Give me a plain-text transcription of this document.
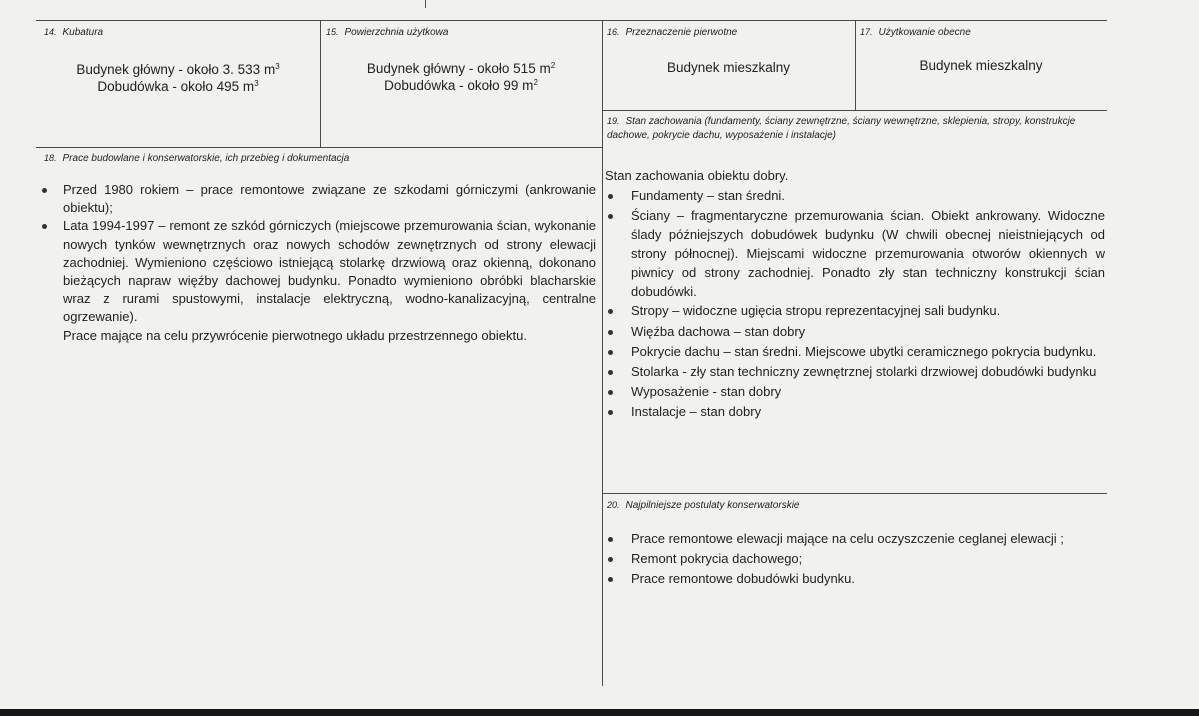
14. Kubatura
Budynek główny - około 3. 533 $m^3$
Dobudówka - około 495 $m^3$
15. Powierzchnia użytkowa
Budynek główny - około 515 $m^2$
Dobudówka - około 99 $m^2$
16. Przeznaczenie pierwotne
Budynek mieszkalny
17. Użytkowanie obecne
Budynek mieszkalny
18. Prace budowlane i konserwatorskie, ich przebieg i dokumentacja
Przed 1980 rokiem – prace remontowe związane ze szkodami górniczymi (ankrowanie obiektu);
Lata 1994-1997 – remont ze szkód górniczych (miejscowe przemurowania ścian, wykonanie nowych tynków wewnętrznych oraz nowych schodów zewnętrznych od strony elewacji zachodniej. Wymieniono częściowo istniejącą stolarkę drzwiową oraz okienną, dokonano bieżących napraw więźby dachowej budynku. Ponadto wymieniono obróbki blacharskie wraz z rurami spustowymi, instalacje elektryczną, wodno-kanalizacyjną, centralne ogrzewanie).
Prace mające na celu przywrócenie pierwotnego układu przestrzennego obiektu.
19. Stan zachowania (fundamenty, ściany zewnętrzne, ściany wewnętrzne, sklepienia, stropy, konstrukcje dachowe, pokrycie dachu, wyposażenie i instalacje)
Stan zachowania obiektu dobry.
Fundamenty – stan średni.
Ściany – fragmentaryczne przemurowania ścian. Obiekt ankrowany. Widoczne ślady późniejszych dobudówek budynku (W chwili obecnej nieistniejących od strony północnej). Miejscami widoczne przemurowania otworów okiennych w piwnicy od strony zachodniej. Ponadto zły stan techniczny konstrukcji ścian dobudówki.
Stropy – widoczne ugięcia stropu reprezentacyjnej sali budynku.
Więźba dachowa – stan dobry
Pokrycie dachu – stan średni. Miejscowe ubytki ceramicznego pokrycia budynku.
Stolarka - zły stan techniczny zewnętrznej stolarki drzwiowej dobudówki budynku
Wyposażenie - stan dobry
Instalacje – stan dobry
20. Najpilniejsze postulaty konserwatorskie
Prace remontowe elewacji mające na celu oczyszczenie ceglanej elewacji ;
Remont pokrycia dachowego;
Prace remontowe dobudówki budynku.
